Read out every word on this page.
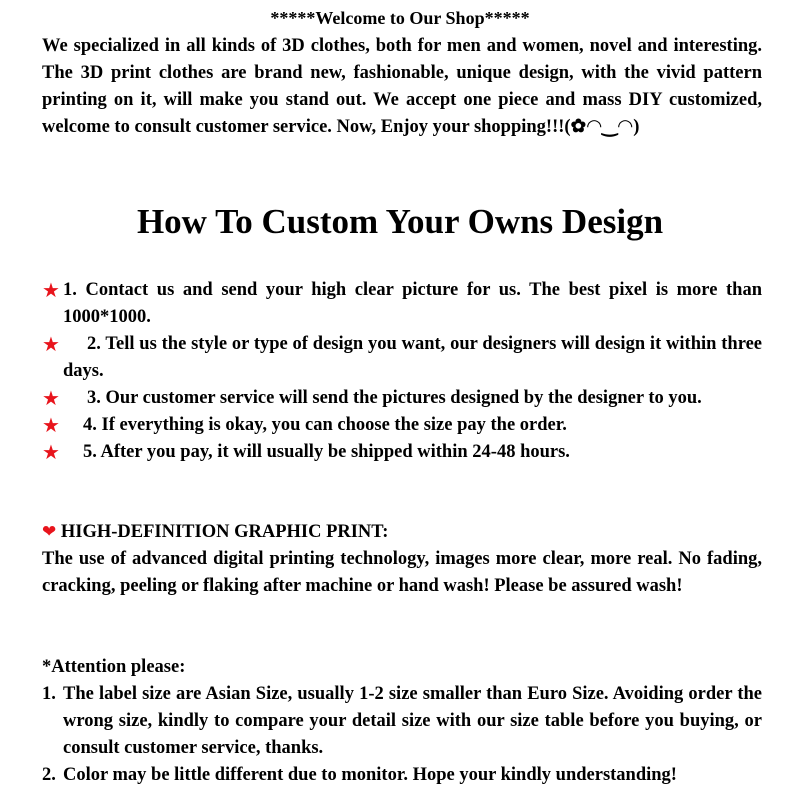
*****Welcome to Our Shop*****
We specialized in all kinds of 3D clothes, both for men and women, novel and interesting. The 3D print clothes are brand new, fashionable, unique design, with the vivid pattern printing on it, will make you stand out. We accept one piece and mass DIY customized, welcome to consult customer service. Now, Enjoy your shopping!!!(✿◠‿◠)
How To Custom Your Owns Design
★ 1. Contact us and send your high clear picture for us. The best pixel is more than 1000*1000.
★ 2. Tell us the style or type of design you want, our designers will design it within three days.
★ 3. Our customer service will send the pictures designed by the designer to you.
★ 4. If everything is okay, you can choose the size pay the order.
★ 5. After you pay, it will usually be shipped within 24-48 hours.
❤ HIGH-DEFINITION GRAPHIC PRINT:
The use of advanced digital printing technology, images more clear, more real. No fading, cracking, peeling or flaking after machine or hand wash! Please be assured wash!
*Attention please:
1. The label size are Asian Size, usually 1-2 size smaller than Euro Size. Avoiding order the wrong size, kindly to compare your detail size with our size table before you buying, or consult customer service, thanks.
2. Color may be little different due to monitor. Hope your kindly understanding!
